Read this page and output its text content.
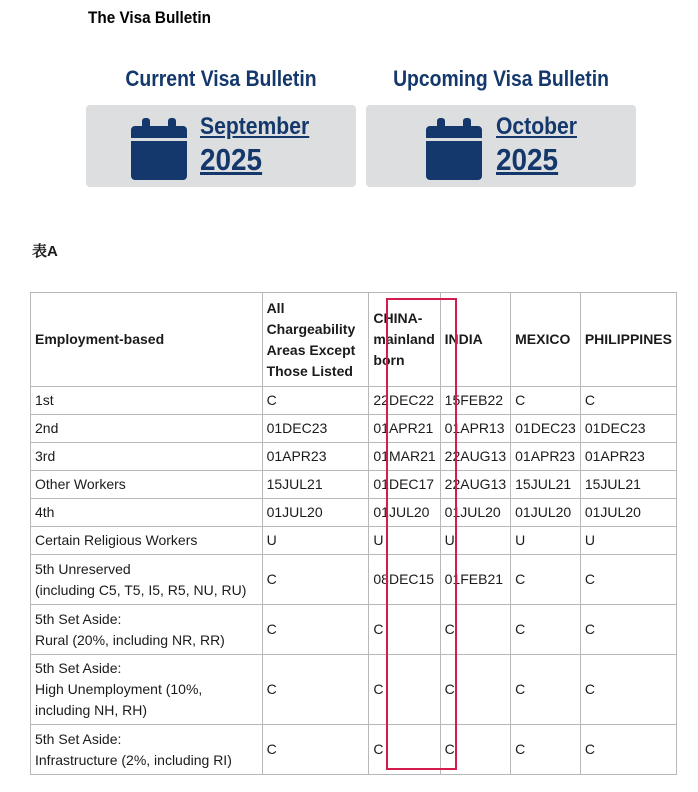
The Visa Bulletin
Current Visa Bulletin
September
2025
Upcoming Visa Bulletin
October
2025
表A
Employment-based	All Chargeability Areas Except Those Listed	CHINA-mainland born	INDIA	MEXICO	PHILIPPINES
1st	C	22DEC22	15FEB22	C	C
2nd	01DEC23	01APR21	01APR13	01DEC23	01DEC23
3rd	01APR23	01MAR21	22AUG13	01APR23	01APR23
Other Workers	15JUL21	01DEC17	22AUG13	15JUL21	15JUL21
4th	01JUL20	01JUL20	01JUL20	01JUL20	01JUL20
Certain Religious Workers	U	U	U	U	U
5th Unreserved
(including C5, T5, I5, R5, NU, RU)	C	08DEC15	01FEB21	C	C
5th Set Aside:
Rural (20%, including NR, RR)	C	C	C	C	C
5th Set Aside:
High Unemployment (10%, including NH, RH)	C	C	C	C	C
5th Set Aside:
Infrastructure (2%, including RI)	C	C	C	C	C
